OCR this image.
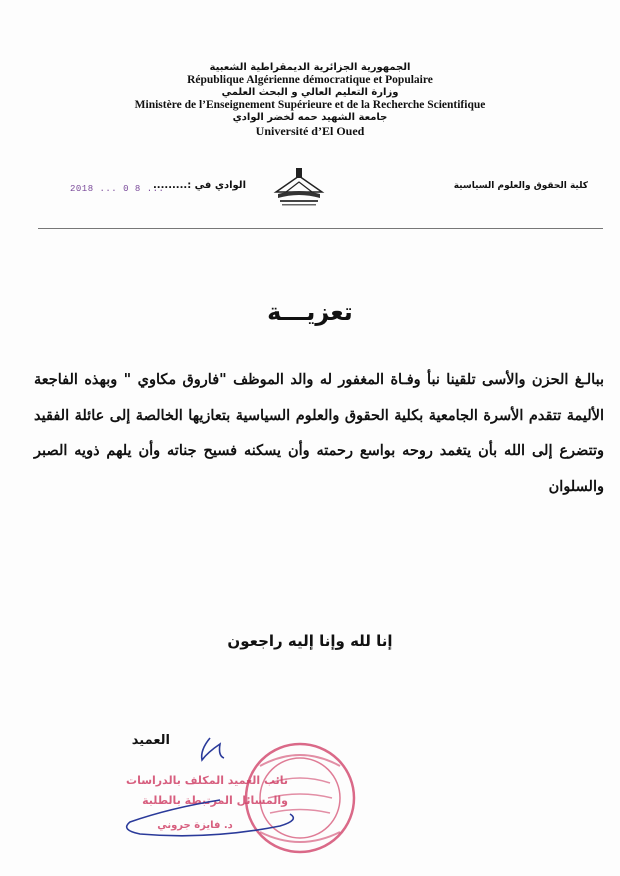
الجمهورية الجزائرية الديمقراطية الشعبية
République Algérienne démocratique et Populaire
وزارة التعليم العالي و البحث العلمي
Ministère de l’Enseignement Supérieure et de la Recherche Scientifique
جامعة الشهيد حمه لخضر الوادي
Université d’El Oued
كلية الحقوق والعلوم السياسية
الوادي في :.........
2018 ... 0 8 ...
تعزيـــة
ببالـغ الحزن والأسى تلقينا نبأ وفـاة المغفور له والد الموظف "فاروق مكاوي " وبهذه الفاجعة الأليمة تتقدم الأسرة الجامعية بكلية الحقوق والعلوم السياسية بتعازيها الخالصة إلى عائلة الفقيد وتتضرع إلى الله بأن يتغمد روحه بواسع رحمته وأن يسكنه فسيح جناته وأن يلهم ذويه الصبر والسلوان
إنا لله وإنا إليه راجعون
العميد
نائب العميد المكلف بالدراسات
والمسائل المرتبطة بالطلبة
د. فايزة جروني
